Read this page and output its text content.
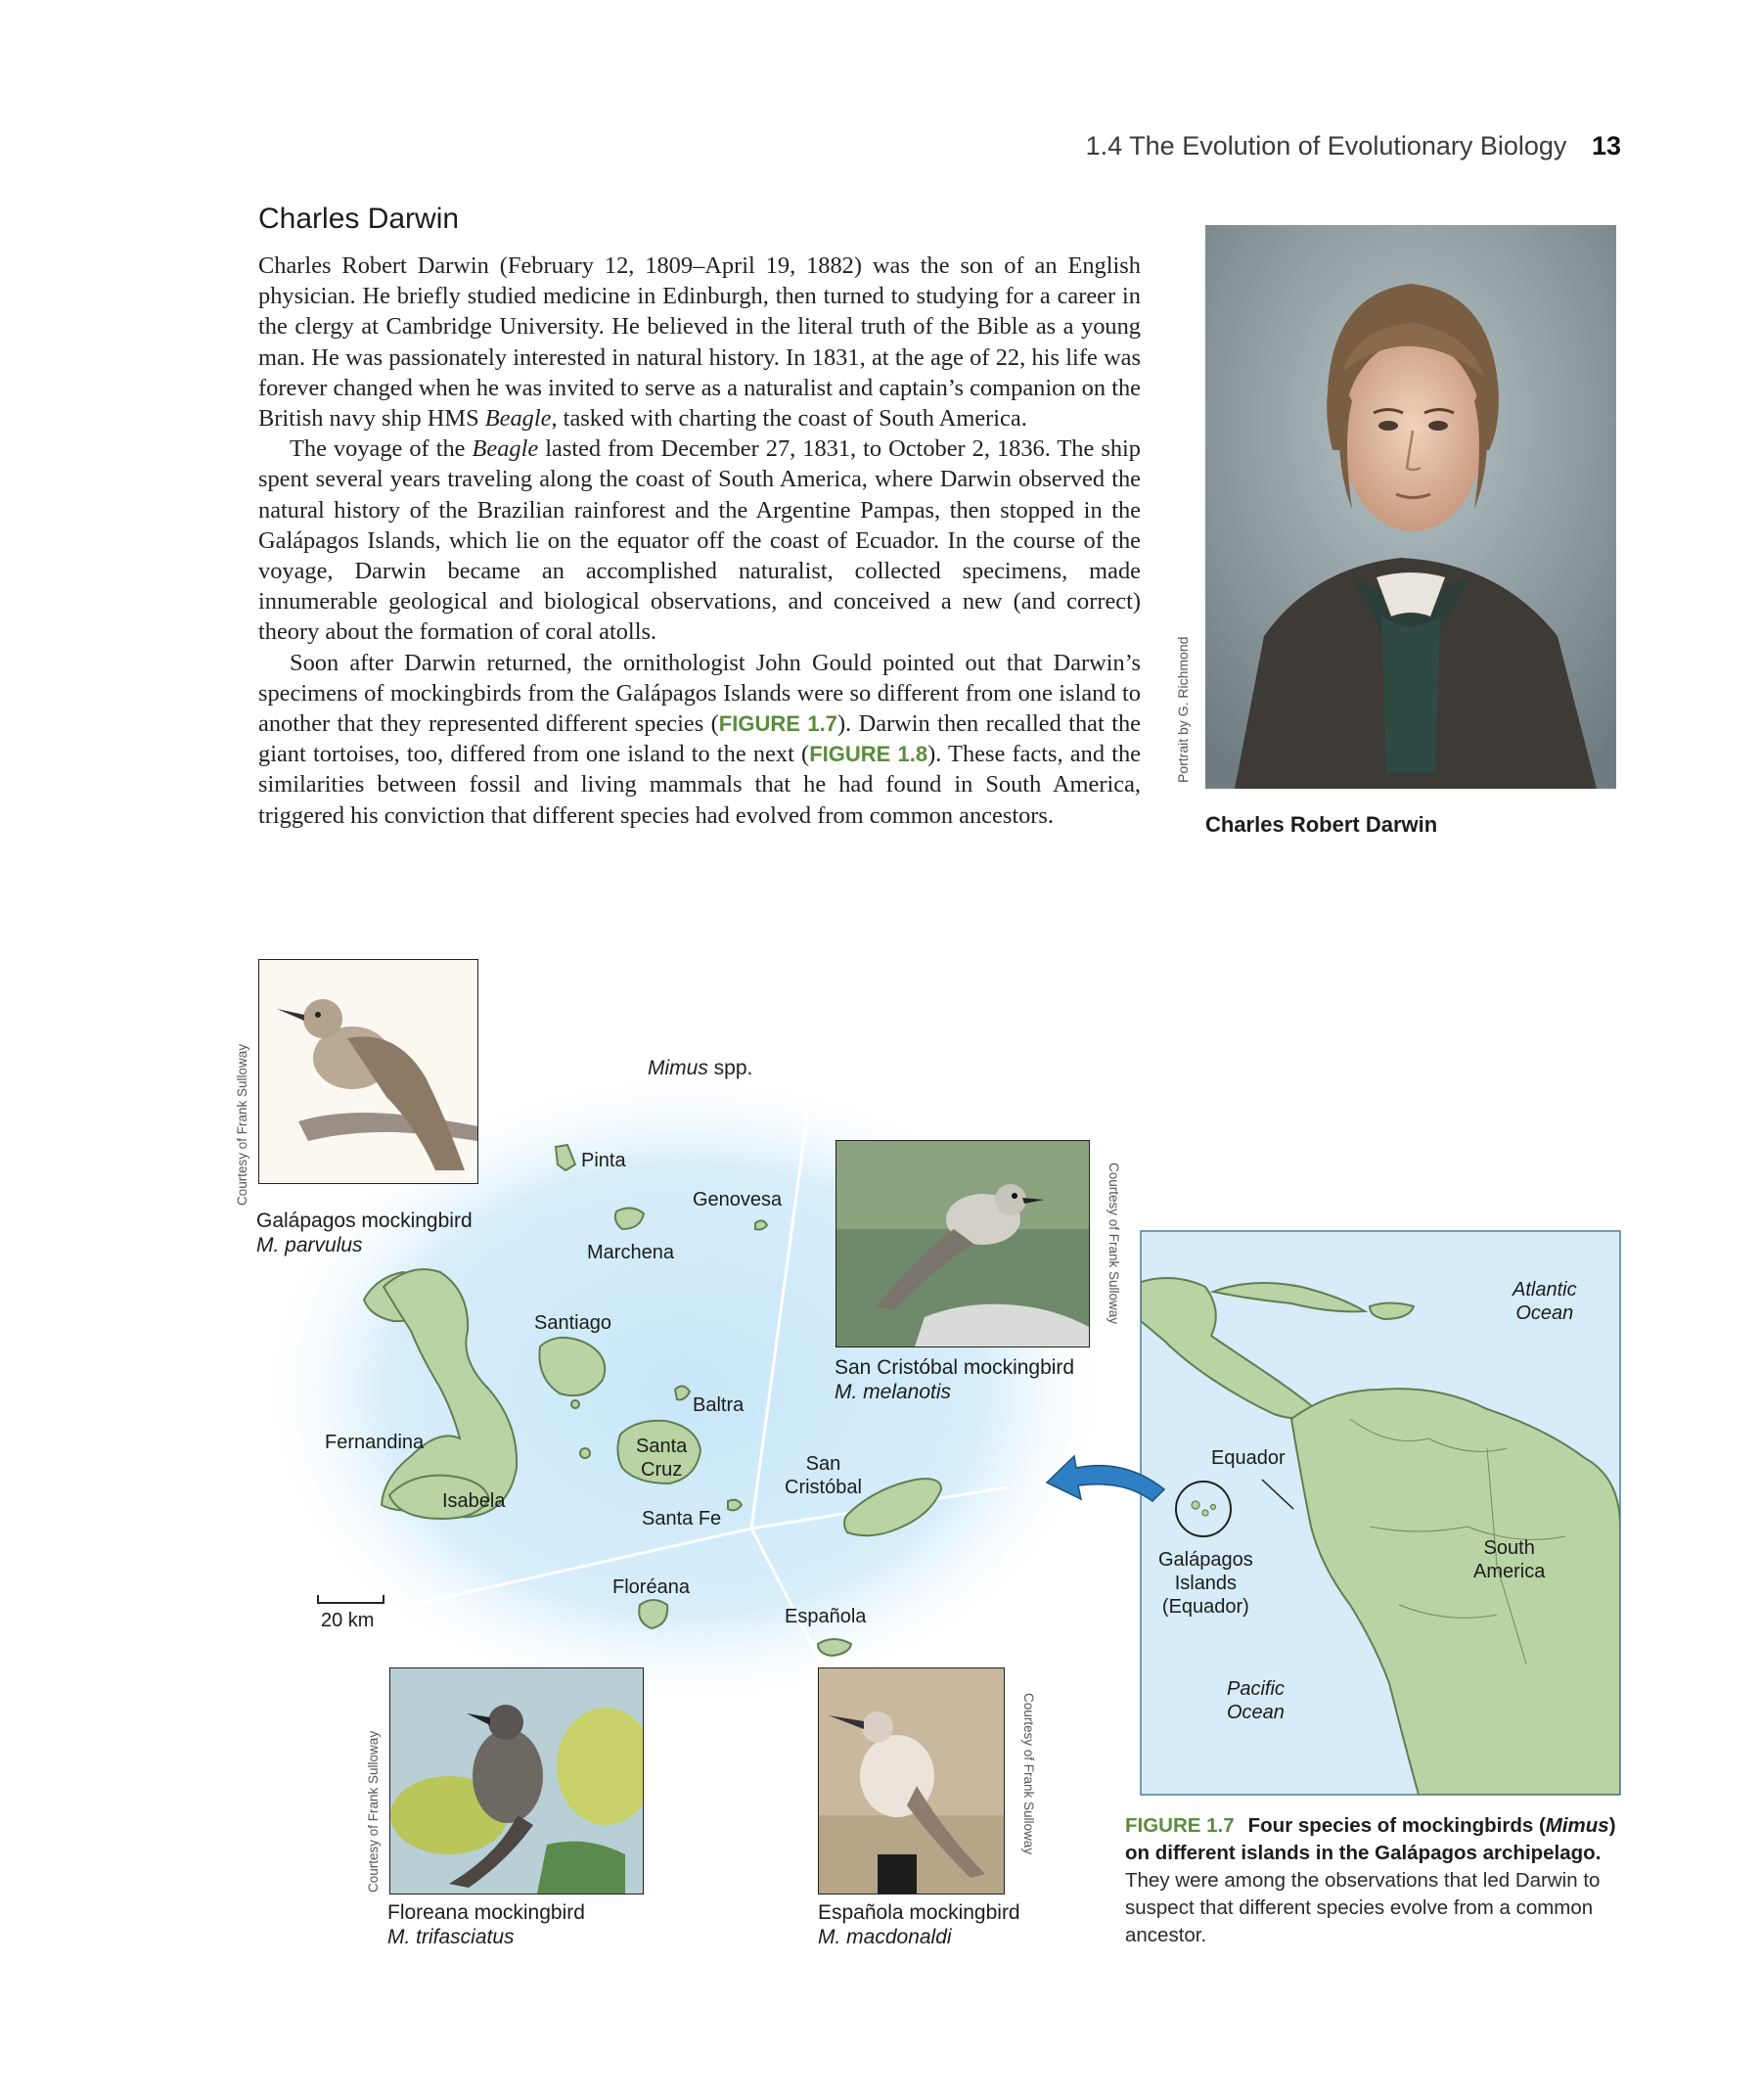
1.4 The Evolution of Evolutionary Biology 13
Charles Darwin

Charles Robert Darwin (February 12, 1809–April 19, 1882) was the son of an English physician. He briefly studied medicine in Edinburgh, then turned to studying for a career in the clergy at Cambridge University. He believed in the literal truth of the Bible as a young man. He was passionately interested in natural history. In 1831, at the age of 22, his life was forever changed when he was invited to serve as a naturalist and captain’s companion on the British navy ship HMS Beagle, tasked with charting the coast of South America.

The voyage of the Beagle lasted from December 27, 1831, to October 2, 1836. The ship spent several years traveling along the coast of South America, where Darwin observed the natural history of the Brazilian rainforest and the Argentine Pampas, then stopped in the Galápagos Islands, which lie on the equator off the coast of Ecuador. In the course of the voyage, Darwin became an accomplished naturalist, collected specimens, made innumerable geological and biological observations, and conceived a new (and correct) theory about the formation of coral atolls.

Soon after Darwin returned, the ornithologist John Gould pointed out that Darwin’s specimens of mockingbirds from the Galápagos Islands were so different from one island to another that they represented different species (FIGURE 1.7). Darwin then recalled that the giant tortoises, too, differed from one island to the next (FIGURE 1.8). These facts, and the similarities between fossil and living mammals that he had found in South America, triggered his conviction that different species had evolved from common ancestors.

Portrait by G. Richmond
Charles Robert Darwin
Courtesy of Frank Sulloway
Galápagos mockingbird
M. parvulus	Courtesy of Frank Sulloway
San Cristóbal mockingbird
M. melanotis
Courtesy of Frank Sulloway
Floreana mockingbird
M. trifasciatus
Courtesy of Frank Sulloway
Española mockingbird
M. macdonaldi
Mimus spp.
Pinta
Genovesa
Marchena
Santiago
Baltra
Fernandina	Santa
Cruz
Isabela
San
Cristóbal
Santa Fe
Floréana
Española
20 km
Atlantic
Ocean
Equador
South
America
Galápagos
Islands
(Equador)
Pacific
Ocean
FIGURE 1.7 Four species of mockingbirds (Mimus) on different islands in the Galápagos archipelago. They were among the observations that led Darwin to suspect that different species evolve from a common ancestor.
